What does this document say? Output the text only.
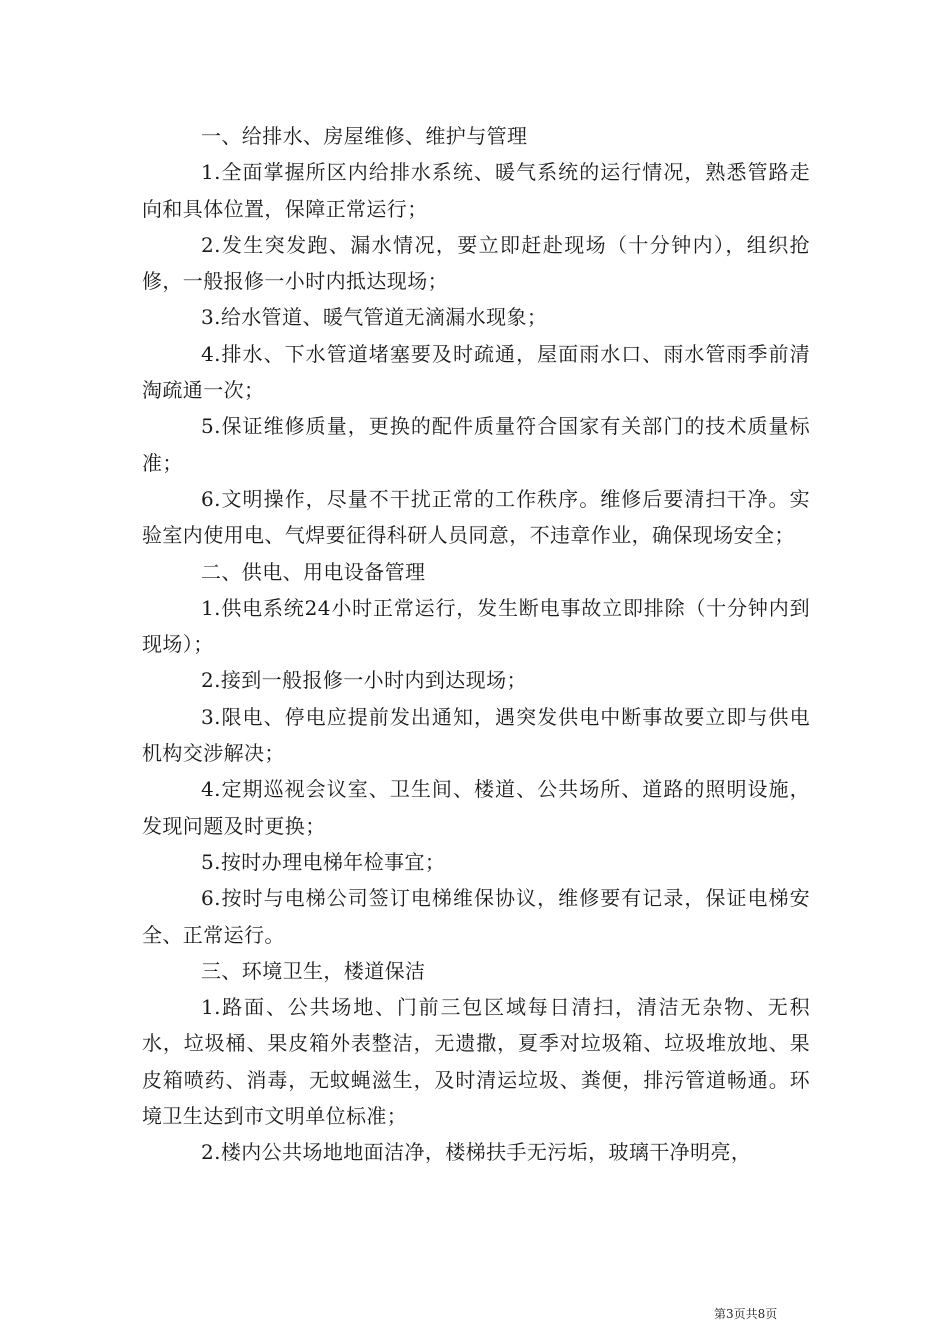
一、给排水、房屋维修、维护与管理

1.全面掌握所区内给排水系统、暖气系统的运行情况，熟悉管路走向和具体位置，保障正常运行；

2.发生突发跑、漏水情况，要立即赶赴现场（十分钟内），组织抢修，一般报修一小时内抵达现场；

3.给水管道、暖气管道无滴漏水现象；

4.排水、下水管道堵塞要及时疏通，屋面雨水口、雨水管雨季前清淘疏通一次；

5.保证维修质量，更换的配件质量符合国家有关部门的技术质量标准；

6.文明操作，尽量不干扰正常的工作秩序。维修后要清扫干净。实验室内使用电、气焊要征得科研人员同意，不违章作业，确保现场安全；

二、供电、用电设备管理

1.供电系统24小时正常运行，发生断电事故立即排除（十分钟内到现场）；

2.接到一般报修一小时内到达现场；

3.限电、停电应提前发出通知，遇突发供电中断事故要立即与供电机构交涉解决；

4.定期巡视会议室、卫生间、楼道、公共场所、道路的照明设施，发现问题及时更换；

5.按时办理电梯年检事宜；

6.按时与电梯公司签订电梯维保协议，维修要有记录，保证电梯安全、正常运行。

三、环境卫生，楼道保洁

1.路面、公共场地、门前三包区域每日清扫，清洁无杂物、无积水，垃圾桶、果皮箱外表整洁，无遗撒，夏季对垃圾箱、垃圾堆放地、果皮箱喷药、消毒，无蚊蝇滋生，及时清运垃圾、粪便，排污管道畅通。环境卫生达到市文明单位标准；

2.楼内公共场地地面洁净，楼梯扶手无污垢，玻璃干净明亮，

第3页共8页
